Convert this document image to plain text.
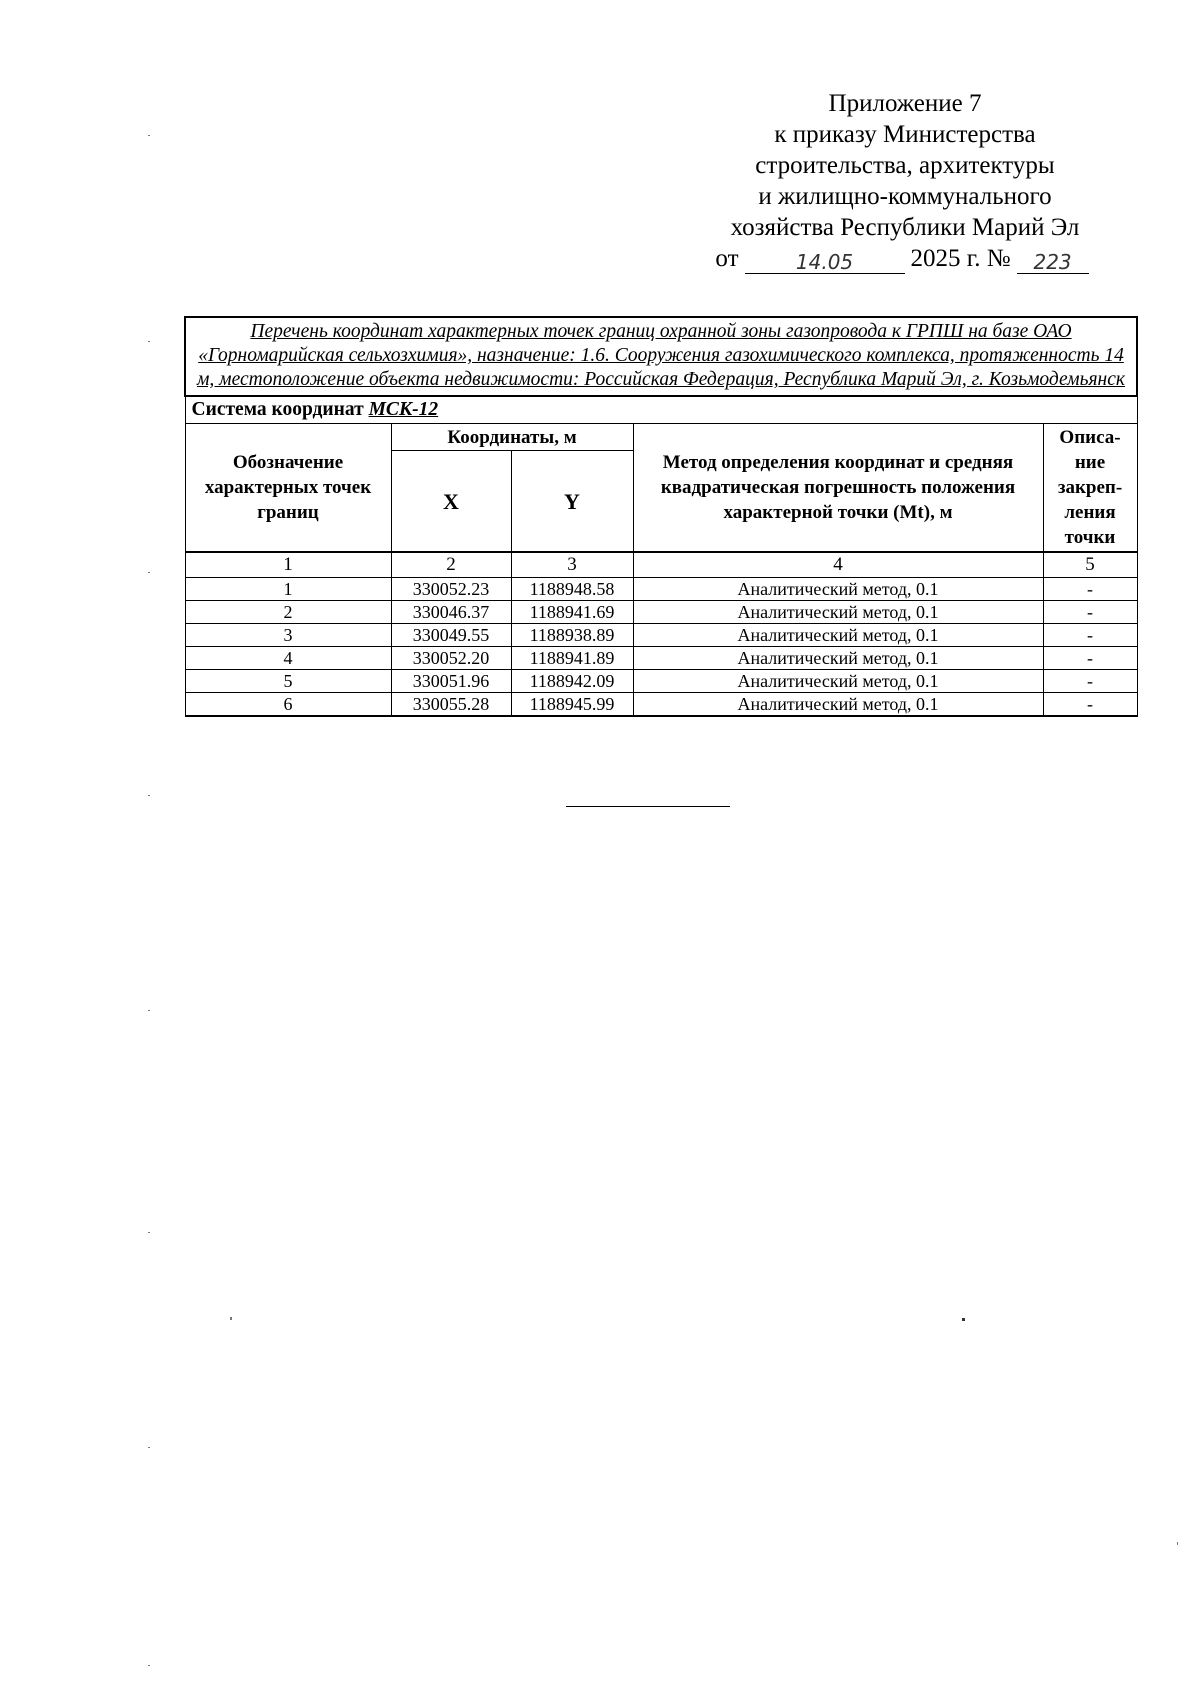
Приложение 7
к приказу Министерства
строительства, архитектуры
и жилищно-коммунального
хозяйства Республики Марий Эл
от	14.05	2025 г. №	223
Перечень координат характерных точек границ охранной зоны газопровода к ГРПШ на базе ОАО «Горномарийская сельхозхимия», назначение: 1.6. Сооружения газохимического комплекса, протяженность 14 м, местоположение объекта недвижимости: Российская Федерация, Республика Марий Эл, г. Козьмодемьянск				
Система координат МСК-12				
Обозначение характерных точек границ	Координаты, м		Метод определения координат и средняя квадратическая погрешность положения характерной точки (Mt), м	Описа-ние закреп-ления точки
	X	Y		
1	2	3	4	5
1	330052.23	1188948.58	Аналитический метод, 0.1	-
2	330046.37	1188941.69	Аналитический метод, 0.1	-
3	330049.55	1188938.89	Аналитический метод, 0.1	-
4	330052.20	1188941.89	Аналитический метод, 0.1	-
5	330051.96	1188942.09	Аналитический метод, 0.1	-
6	330055.28	1188945.99	Аналитический метод, 0.1	-
